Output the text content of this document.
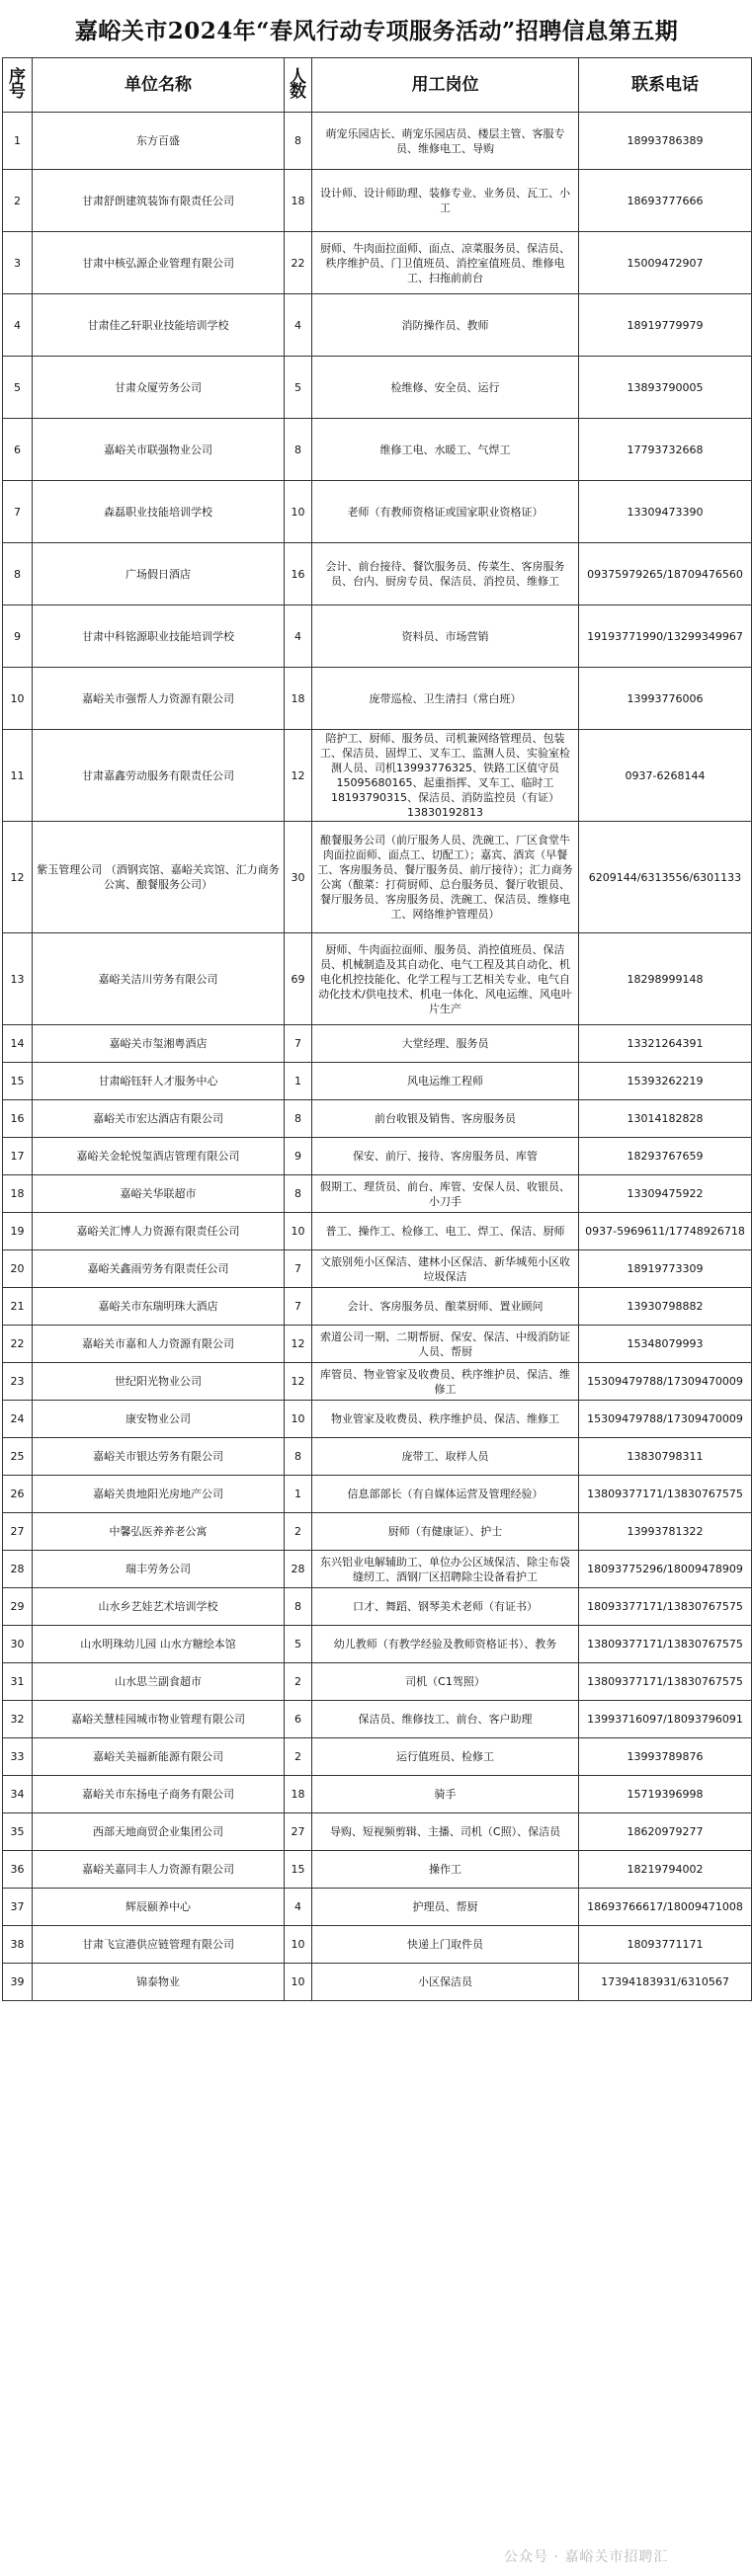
嘉峪关市2024年“春风行动专项服务活动”招聘信息第五期
序号	单位名称	人数	用工岗位	联系电话
1	东方百盛	8	萌宠乐园店长、萌宠乐园店员、楼层主管、客服专员、维修电工、导购	18993786389
2	甘肃舒朗建筑装饰有限责任公司	18	设计师、设计师助理、装修专业、业务员、瓦工、小工	18693777666
3	甘肃中核弘源企业管理有限公司	22	厨师、牛肉面拉面师、面点、凉菜服务员、保洁员、秩序维护员、门卫值班员、消控室值班员、维修电工、扫拖前前台	15009472907
4	甘肃佳乙轩职业技能培训学校	4	消防操作员、教师	18919779979
5	甘肃众厦劳务公司	5	检维修、安全员、运行	13893790005
6	嘉峪关市联强物业公司	8	维修工电、水暖工、气焊工	17793732668
7	森磊职业技能培训学校	10	老师（有教师资格证或国家职业资格证）	13309473390
8	广场假日酒店	16	会计、前台接待、餐饮服务员、传菜生、客房服务员、台内、厨房专员、保洁员、消控员、维修工	09375979265/18709476560
9	甘肃中科铭源职业技能培训学校	4	资料员、市场营销	19193771990/13299349967
10	嘉峪关市强帮人力资源有限公司	18	庞带巡检、卫生清扫（常白班）	13993776006
11	甘肃嘉鑫劳动服务有限责任公司	12	陪护工、厨师、服务员、司机兼网络管理员、包装工、保洁员、固焊工、叉车工、监测人员、实验室检测人员、司机13993776325、铁路工区值守员15095680165、起重指挥、叉车工、临时工18193790315、保洁员、消防监控员（有证）13830192813	0937-6268144
12	紫玉管理公司 （酒钢宾馆、嘉峪关宾馆、汇力商务公寓、酿餐服务公司）	30	酿餐服务公司（前厅服务人员、洗碗工、厂区食堂牛肉面拉面师、面点工、切配工）；嘉宾、酒宾（早餐工、客房服务员、餐厅服务员、前厅接待）；汇力商务公寓（酿菜：打荷厨师、总台服务员、餐厅收银员、餐厅服务员、客房服务员、洗碗工、保洁员、维修电工、网络维护管理员）	6209144/6313556/6301133
13	嘉峪关洁川劳务有限公司	69	厨师、牛肉面拉面师、服务员、消控值班员、保洁员、机械制造及其自动化、电气工程及其自动化、机电化机控技能化、化学工程与工艺相关专业、电气自动化技术/供电技术、机电一体化、风电运维、风电叶片生产	18298999148
14	嘉峪关市玺湘粤酒店	7	大堂经理、服务员	13321264391
15	甘肃峪钰轩人才服务中心	1	风电运维工程师	15393262219
16	嘉峪关市宏达酒店有限公司	8	前台收银及销售、客房服务员	13014182828
17	嘉峪关金轮悦玺酒店管理有限公司	9	保安、前厅、接待、客房服务员、库管	18293767659
18	嘉峪关华联超市	8	假期工、理货员、前台、库管、安保人员、收银员、小刀手	13309475922
19	嘉峪关汇博人力资源有限责任公司	10	普工、操作工、检修工、电工、焊工、保洁、厨师	0937-5969611/17748926718
20	嘉峪关鑫雨劳务有限责任公司	7	文旅别苑小区保洁、建林小区保洁、新华城苑小区收垃圾保洁	18919773309
21	嘉峪关市东瑞明珠大酒店	7	会计、客房服务员、酿菜厨师、置业顾问	13930798882
22	嘉峪关市嘉和人力资源有限公司	12	索道公司一期、二期帮厨、保安、保洁、中级消防证人员、帮厨	15348079993
23	世纪阳光物业公司	12	库管员、物业管家及收费员、秩序维护员、保洁、维修工	15309479788/17309470009
24	康安物业公司	10	物业管家及收费员、秩序维护员、保洁、维修工	15309479788/17309470009
25	嘉峪关市银达劳务有限公司	8	庞带工、取样人员	13830798311
26	嘉峪关贵地阳光房地产公司	1	信息部部长（有自媒体运营及管理经验）	13809377171/13830767575
27	中馨弘医养养老公寓	2	厨师（有健康证）、护士	13993781322
28	瑞丰劳务公司	28	东兴铝业电解辅助工、单位办公区域保洁、除尘布袋缝纫工、酒钢厂区招聘除尘设备看护工	18093775296/18009478909
29	山水乡艺娃艺术培训学校	8	口才、舞蹈、钢琴美术老师（有证书）	18093377171/13830767575
30	山水明珠幼儿园 山水方糖绘本馆	5	幼儿教师（有教学经验及教师资格证书）、教务	13809377171/13830767575
31	山水思兰副食超市	2	司机（C1驾照）	13809377171/13830767575
32	嘉峪关慧桂园城市物业管理有限公司	6	保洁员、维修技工、前台、客户助理	13993716097/18093796091
33	嘉峪关美福新能源有限公司	2	运行值班员、检修工	13993789876
34	嘉峪关市东扬电子商务有限公司	18	骑手	15719396998
35	西部天地商贸企业集团公司	27	导购、短视频剪辑、主播、司机（C照）、保洁员	18620979277
36	嘉峪关嘉同丰人力资源有限公司	15	操作工	18219794002
37	辉辰颐养中心	4	护理员、帮厨	18693766617/18009471008
38	甘肃飞宣港供应链管理有限公司	10	快递上门取件员	18093771171
39	锦泰物业	10	小区保洁员	17394183931/6310567
公众号 · 嘉峪关市招聘汇
